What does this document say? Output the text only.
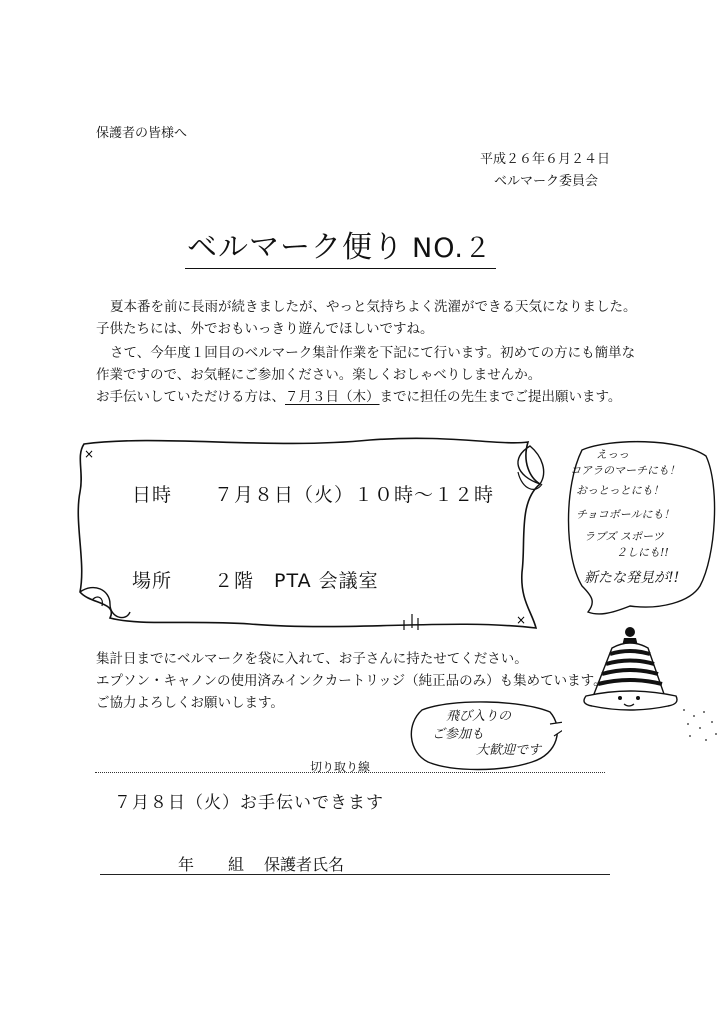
保護者の皆様へ
平成２６年６月２４日
ベルマーク委員会
ベルマーク便り NO.２
夏本番を前に長雨が続きましたが、やっと気持ちよく洗濯ができる天気になりました。
子供たちには、外でおもいっきり遊んでほしいですね。
さて、今年度１回目のベルマーク集計作業を下記にて行います。初めての方にも簡単な
作業ですので、お気軽にご参加ください。楽しくおしゃべりしませんか。
お手伝いしていただける方は、７月３日（木）までに担任の先生までご提出願います。
×
×
日時 ７月８日（火）１０時～１２時
場所 ２階　PTA 会議室
えっっ
コアラのマーチにも！
おっとっとにも！
チョコボールにも！
ラブズ スポーツ
２しにも!!
新たな発見が!!
集計日までにベルマークを袋に入れて、お子さんに持たせてください。
エプソン・キャノンの使用済みインクカートリッジ（純正品のみ）も集めています。
ご協力よろしくお願いします。
飛び入りの
ご参加も
大歓迎です
切り取り線
７月８日（火）お手伝いできます
年 組 保護者氏名
